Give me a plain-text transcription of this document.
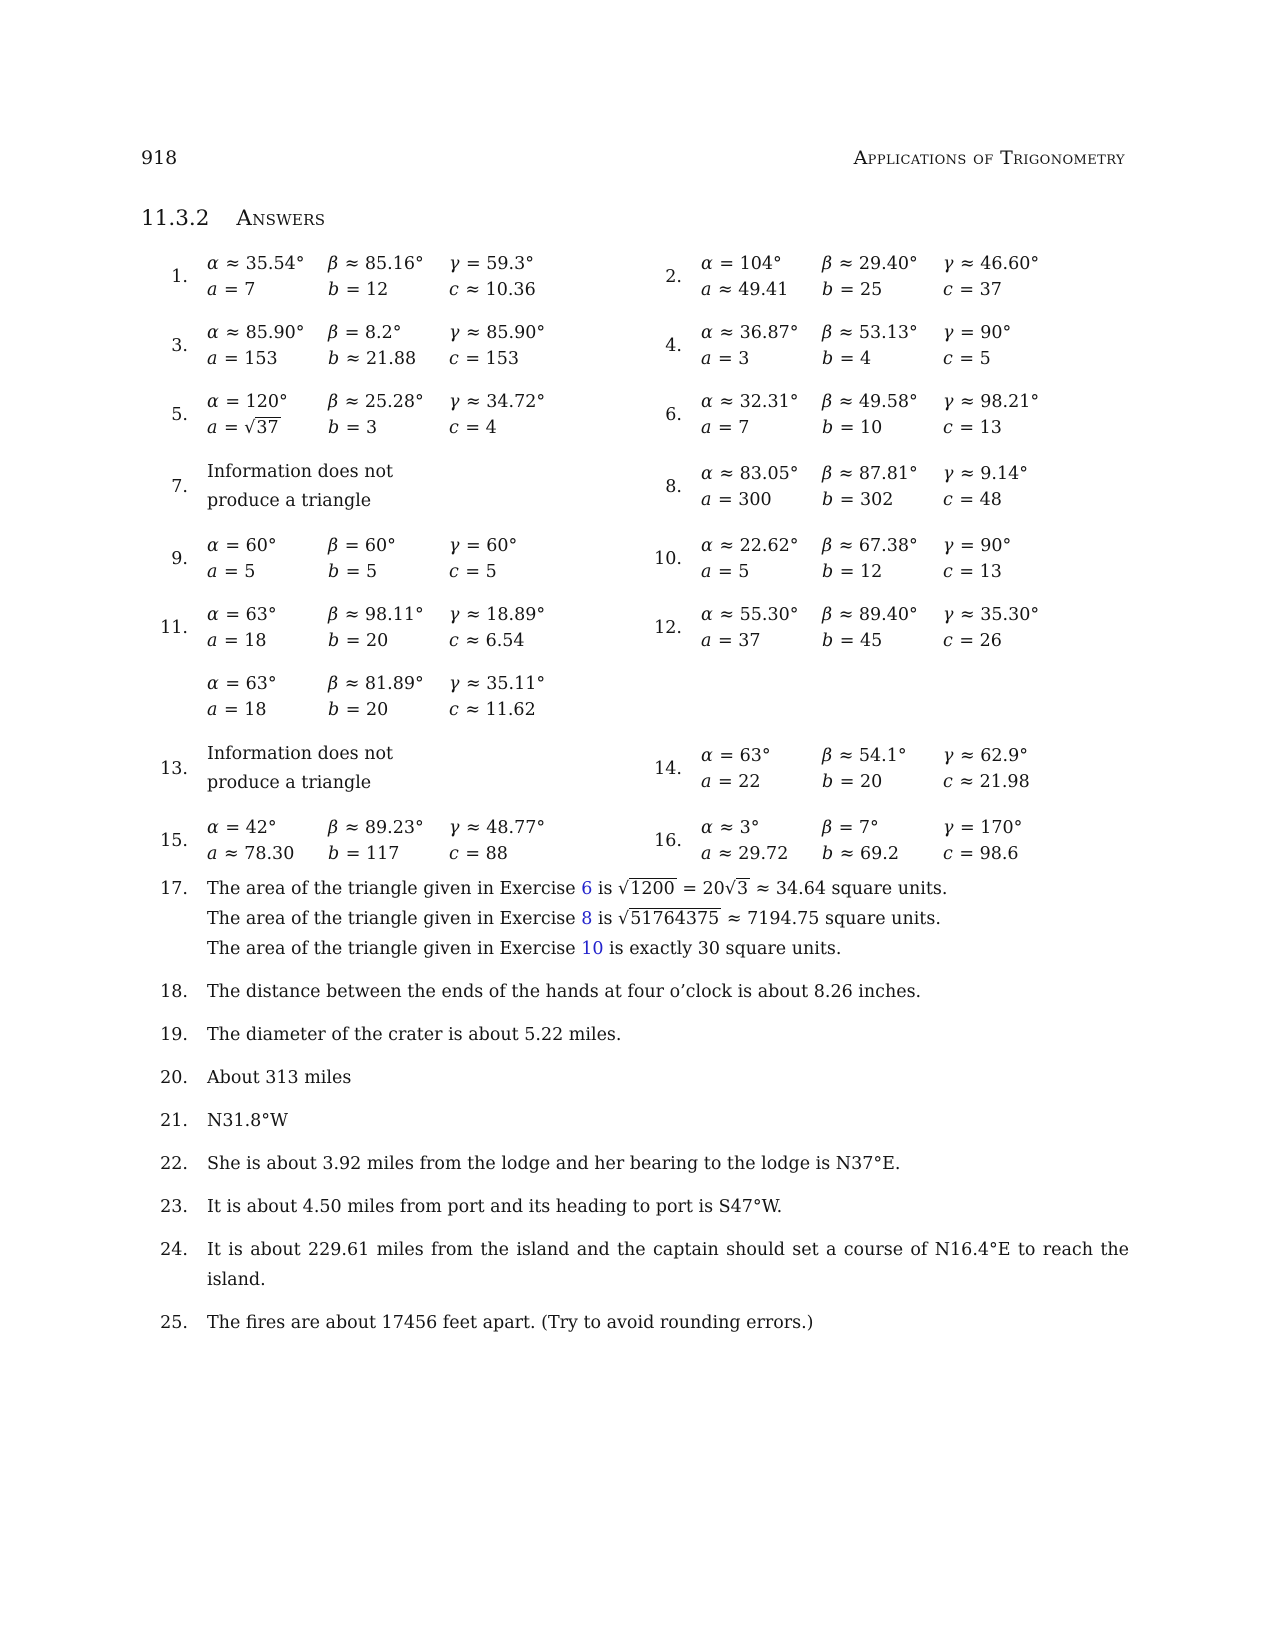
918	Applications of Trigonometry
11.3.2 Answers
1.
α ≈ 35.54° β ≈ 85.16° γ = 59.3°
a = 7	b = 12	c ≈ 10.36
2.
α = 104°	β ≈ 29.40° γ ≈ 46.60°
a ≈ 49.41	b = 25	c = 37
3.
α ≈ 85.90° β = 8.2°	γ ≈ 85.90°
a = 153	b ≈ 21.88	c = 153
4.
α ≈ 36.87° β ≈ 53.13° γ = 90°
a = 3	b = 4	c = 5
5.
α = 120°	β ≈ 25.28° γ ≈ 34.72°
a = √37	b = 3	c = 4
6.
α ≈ 32.31° β ≈ 49.58° γ ≈ 98.21°
a = 7	b = 10	c = 13
7.
Information does not
produce a triangle
8.
α ≈ 83.05° β ≈ 87.81° γ ≈ 9.14°
a = 300	b = 302	c = 48
9.
α = 60°	β = 60°	γ = 60°
a = 5	b = 5	c = 5
10.
α ≈ 22.62° β ≈ 67.38° γ = 90°
a = 5	b = 12	c = 13
11.
α = 63°	β ≈ 98.11° γ ≈ 18.89°
a = 18	b = 20	c ≈ 6.54
12.
α ≈ 55.30° β ≈ 89.40° γ ≈ 35.30°
a = 37	b = 45	c = 26
α = 63°	β ≈ 81.89° γ ≈ 35.11°
a = 18	b = 20	c ≈ 11.62
13.
Information does not
produce a triangle
14.
α = 63°	β ≈ 54.1°	γ ≈ 62.9°
a = 22	b = 20	c ≈ 21.98
15.
α = 42°	β ≈ 89.23° γ ≈ 48.77°
a ≈ 78.30	b = 117	c = 88
16.
α ≈ 3°	β = 7°	γ = 170°
a ≈ 29.72	b ≈ 69.2	c = 98.6
17.	The area of the triangle given in Exercise 6 is √1200 = 20√3 ≈ 34.64 square units.
The area of the triangle given in Exercise 8 is √51764375 ≈ 7194.75 square units.
The area of the triangle given in Exercise 10 is exactly 30 square units.
18.	The distance between the ends of the hands at four o’clock is about 8.26 inches.
19.	The diameter of the crater is about 5.22 miles.
20.	About 313 miles
21.	N31.8°W
22.	She is about 3.92 miles from the lodge and her bearing to the lodge is N37°E.
23.	It is about 4.50 miles from port and its heading to port is S47°W.
24.	It is about 229.61 miles from the island and the captain should set a course of N16.4°E to reach the island.
25.	The fires are about 17456 feet apart. (Try to avoid rounding errors.)
